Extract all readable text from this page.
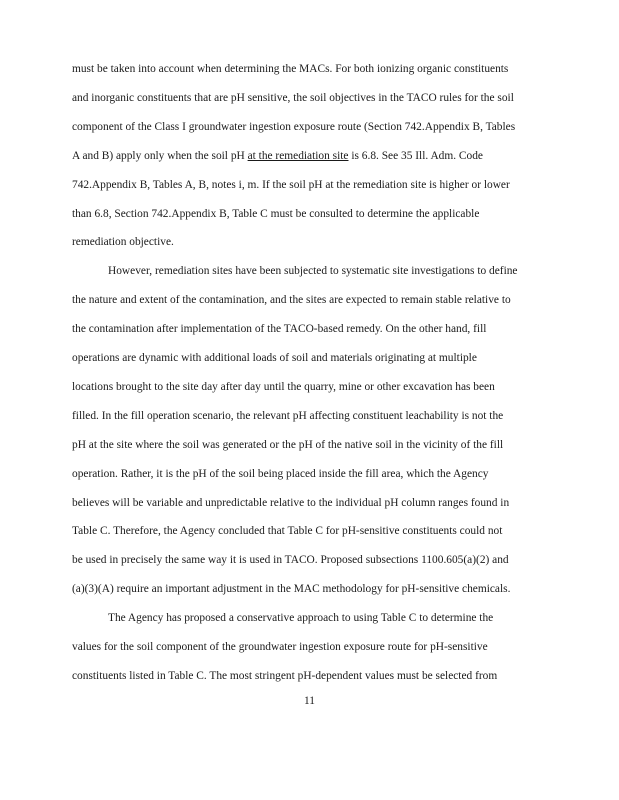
must be taken into account when determining the MACs. For both ionizing organic constituents
and inorganic constituents that are pH sensitive, the soil objectives in the TACO rules for the soil
component of the Class I groundwater ingestion exposure route (Section 742.Appendix B, Tables
A and B) apply only when the soil pH at the remediation site is 6.8. See 35 Ill. Adm. Code
742.Appendix B, Tables A, B, notes i, m. If the soil pH at the remediation site is higher or lower
than 6.8, Section 742.Appendix B, Table C must be consulted to determine the applicable
remediation objective.
However, remediation sites have been subjected to systematic site investigations to define
the nature and extent of the contamination, and the sites are expected to remain stable relative to
the contamination after implementation of the TACO-based remedy. On the other hand, fill
operations are dynamic with additional loads of soil and materials originating at multiple
locations brought to the site day after day until the quarry, mine or other excavation has been
filled. In the fill operation scenario, the relevant pH affecting constituent leachability is not the
pH at the site where the soil was generated or the pH of the native soil in the vicinity of the fill
operation. Rather, it is the pH of the soil being placed inside the fill area, which the Agency
believes will be variable and unpredictable relative to the individual pH column ranges found in
Table C. Therefore, the Agency concluded that Table C for pH-sensitive constituents could not
be used in precisely the same way it is used in TACO. Proposed subsections 1100.605(a)(2) and
(a)(3)(A) require an important adjustment in the MAC methodology for pH-sensitive chemicals.
The Agency has proposed a conservative approach to using Table C to determine the
values for the soil component of the groundwater ingestion exposure route for pH-sensitive
constituents listed in Table C. The most stringent pH-dependent values must be selected from
11
